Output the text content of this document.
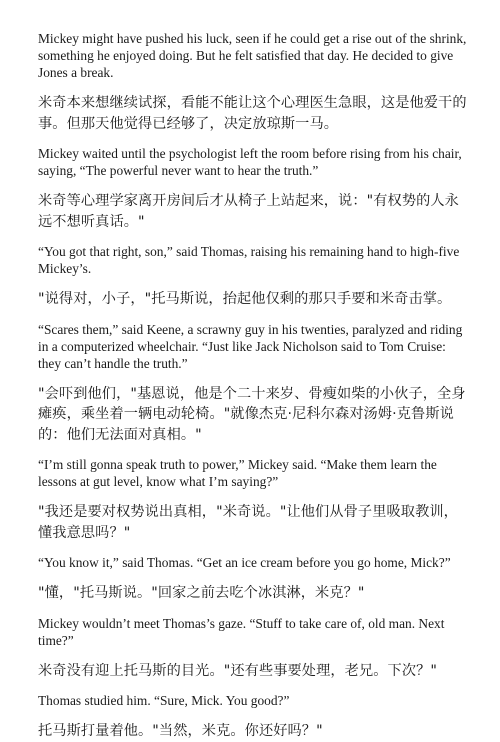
Mickey might have pushed his luck, seen if he could get a rise out of the shrink, something he enjoyed doing. But he felt satisfied that day. He decided to give Jones a break.

米奇本来想继续试探，看能不能让这个心理医生急眼，这是他爱干的事。但那天他觉得已经够了，决定放琼斯一马。

Mickey waited until the psychologist left the room before rising from his chair, saying, “The powerful never want to hear the truth.”

米奇等心理学家离开房间后才从椅子上站起来，说："有权势的人永远不想听真话。"

“You got that right, son,” said Thomas, raising his remaining hand to high-five Mickey’s.

"说得对，小子，"托马斯说，抬起他仅剩的那只手要和米奇击掌。

“Scares them,” said Keene, a scrawny guy in his twenties, paralyzed and riding in a computerized wheelchair. “Just like Jack Nicholson said to Tom Cruise: they can’t handle the truth.”

"会吓到他们，"基恩说，他是个二十来岁、骨瘦如柴的小伙子，全身瘫痪，乘坐着一辆电动轮椅。"就像杰克·尼科尔森对汤姆·克鲁斯说的：他们无法面对真相。"

“I’m still gonna speak truth to power,” Mickey said. “Make them learn the lessons at gut level, know what I’m saying?”

"我还是要对权势说出真相，"米奇说。"让他们从骨子里吸取教训，懂我意思吗？"

“You know it,” said Thomas. “Get an ice cream before you go home, Mick?”

"懂，"托马斯说。"回家之前去吃个冰淇淋，米克？"

Mickey wouldn’t meet Thomas’s gaze. “Stuff to take care of, old man. Next time?”

米奇没有迎上托马斯的目光。"还有些事要处理，老兄。下次？"

Thomas studied him. “Sure, Mick. You good?”

托马斯打量着他。"当然，米克。你还好吗？"
